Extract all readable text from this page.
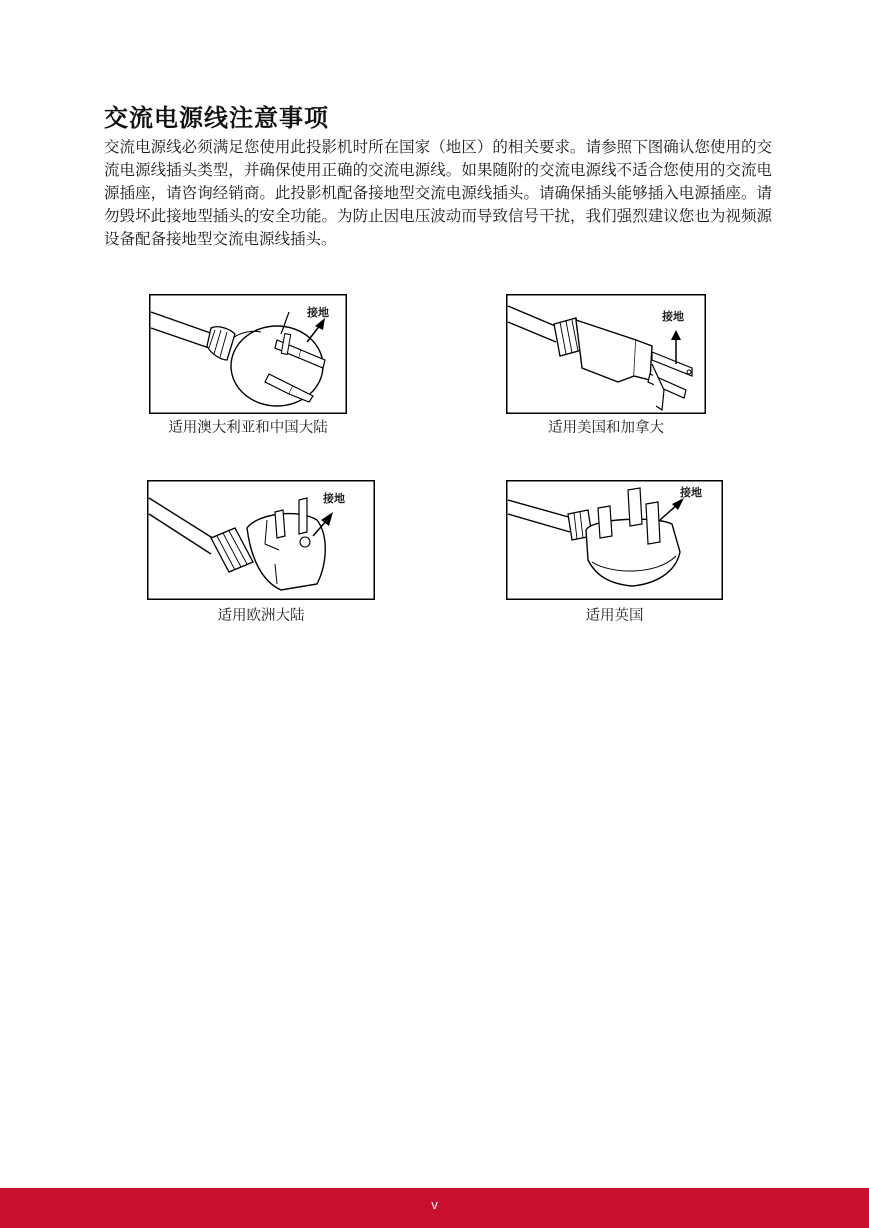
交流电源线注意事项

交流电源线必须满足您使用此投影机时所在国家（地区）的相关要求。请参照下图确认您使用的交流电源线插头类型，并确保使用正确的交流电源线。如果随附的交流电源线不适合您使用的交流电源插座，请咨询经销商。此投影机配备接地型交流电源线插头。请确保插头能够插入电源插座。请勿毁坏此接地型插头的安全功能。为防止因电压波动而导致信号干扰，我们强烈建议您也为视频源设备配备接地型交流电源线插头。

接地
适用澳大利亚和中国大陆
接地
适用美国和加拿大
接地
适用欧洲大陆
接地
适用英国
v
